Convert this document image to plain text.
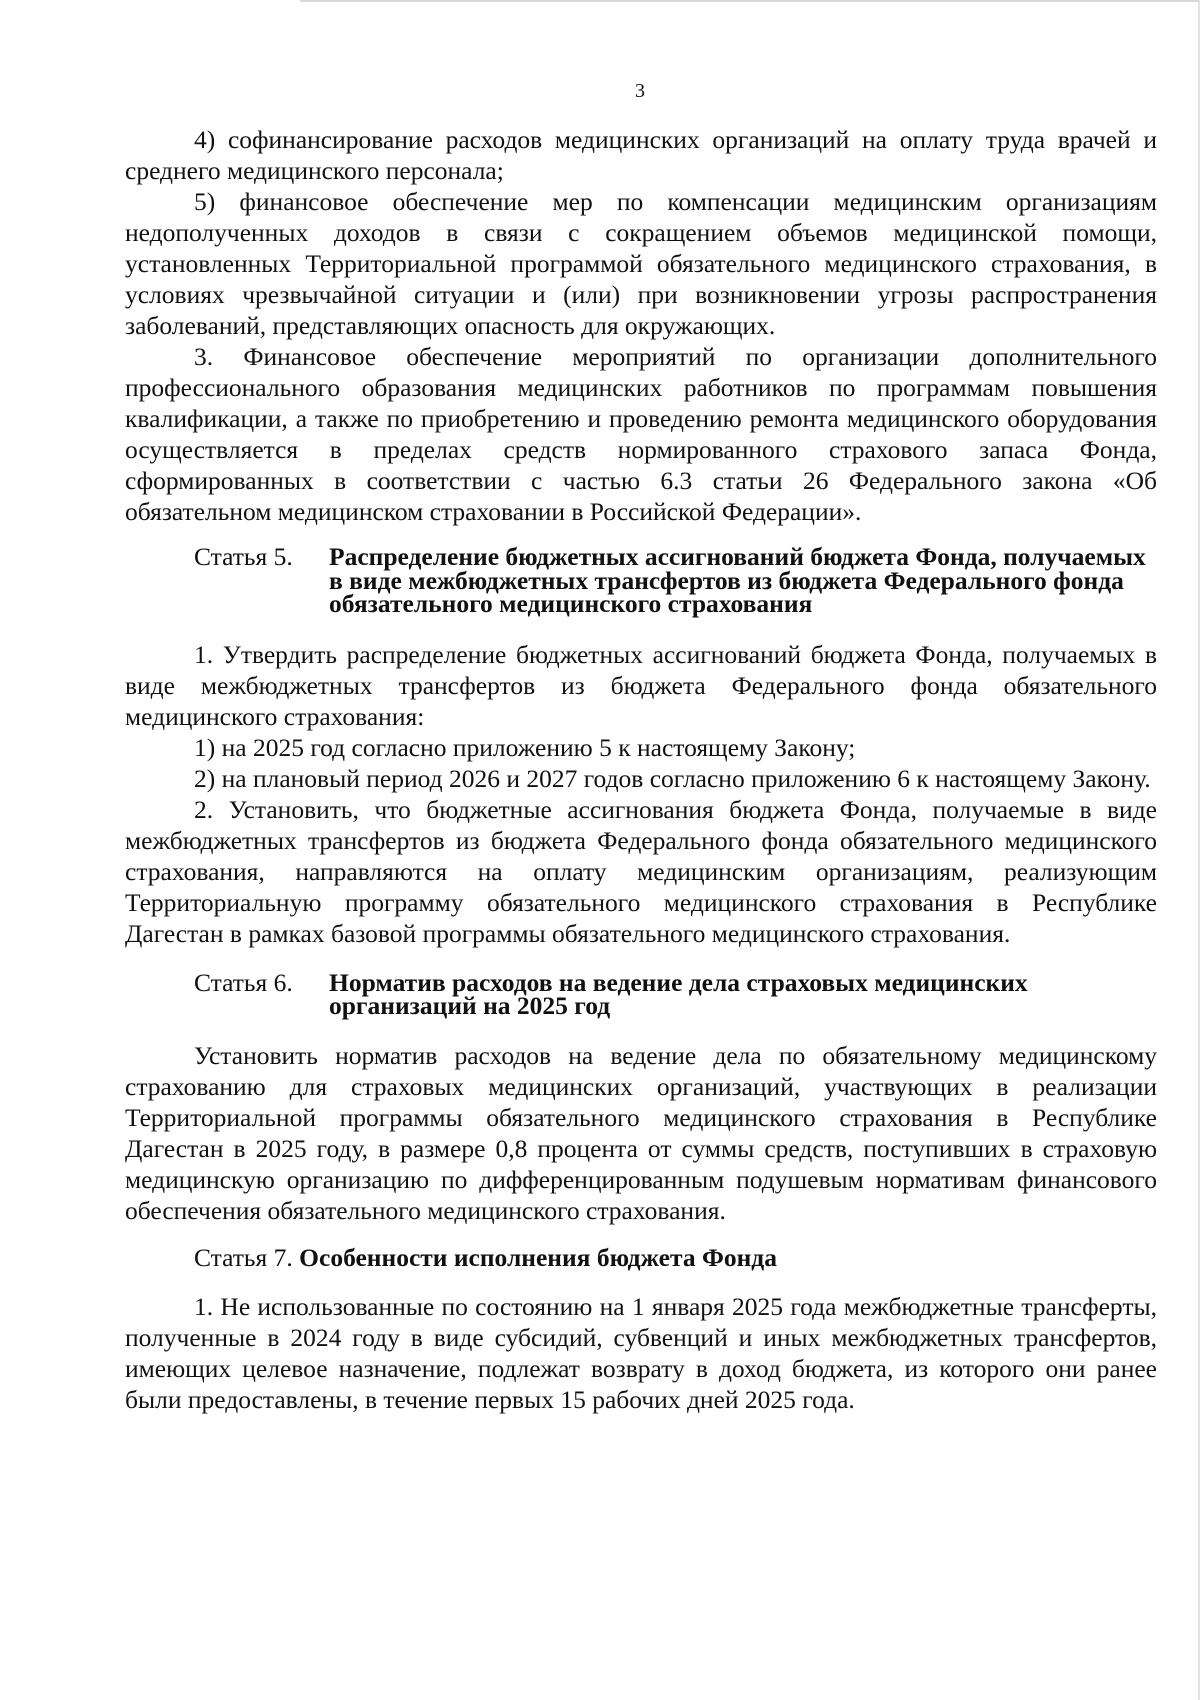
3

4) софинансирование расходов медицинских организаций на оплату труда врачей и среднего медицинского персонала;

5) финансовое обеспечение мер по компенсации медицинским организациям недополученных доходов в связи с сокращением объемов медицинской помощи, установленных Территориальной программой обязательного медицинского страхования, в условиях чрезвычайной ситуации и (или) при возникновении угрозы распространения заболеваний, представляющих опасность для окружающих.

3. Финансовое обеспечение мероприятий по организации дополнительного профессионального образования медицинских работников по программам повышения квалификации, а также по приобретению и проведению ремонта медицинского оборудования осуществляется в пределах средств нормированного страхового запаса Фонда, сформированных в соответствии с частью 6.3 статьи 26 Федерального закона «Об обязательном медицинском страховании в Российской Федерации».

Статья 5. Распределение бюджетных ассигнований бюджета Фонда, получаемых в виде межбюджетных трансфертов из бюджета Федерального фонда обязательного медицинского страхования

1. Утвердить распределение бюджетных ассигнований бюджета Фонда, получаемых в виде межбюджетных трансфертов из бюджета Федерального фонда обязательного медицинского страхования:

1) на 2025 год согласно приложению 5 к настоящему Закону;

2) на плановый период 2026 и 2027 годов согласно приложению 6 к настоящему Закону.

2. Установить, что бюджетные ассигнования бюджета Фонда, получаемые в виде межбюджетных трансфертов из бюджета Федерального фонда обязательного медицинского страхования, направляются на оплату медицинским организациям, реализующим Территориальную программу обязательного медицинского страхования в Республике Дагестан в рамках базовой программы обязательного медицинского страхования.

Статья 6. Норматив расходов на ведение дела страховых медицинских организаций на 2025 год

Установить норматив расходов на ведение дела по обязательному медицинскому страхованию для страховых медицинских организаций, участвующих в реализации Территориальной программы обязательного медицинского страхования в Республике Дагестан в 2025 году, в размере 0,8 процента от суммы средств, поступивших в страховую медицинскую организацию по дифференцированным подушевым нормативам финансового обеспечения обязательного медицинского страхования.

Статья 7. Особенности исполнения бюджета Фонда

1. Не использованные по состоянию на 1 января 2025 года межбюджетные трансферты, полученные в 2024 году в виде субсидий, субвенций и иных межбюджетных трансфертов, имеющих целевое назначение, подлежат возврату в доход бюджета, из которого они ранее были предоставлены, в течение первых 15 рабочих дней 2025 года.
